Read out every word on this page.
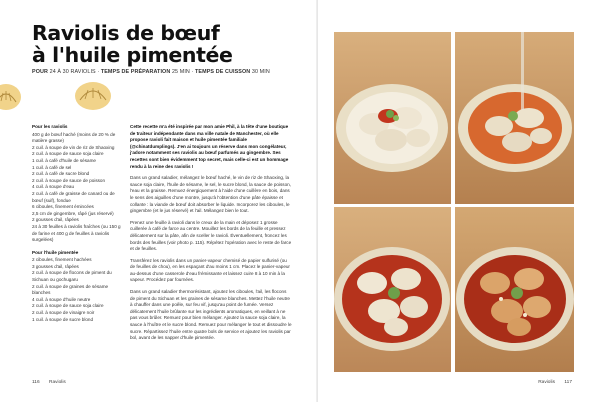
Raviolis de bœuf
à l'huile pimentée
POUR 24 À 30 RAVIOLIS · TEMPS DE PRÉPARATION 25 MIN · TEMPS DE CUISSON 30 MIN
Pour les raviolis
400 g de bœuf haché (moins de 20 % de matière grasse)
2 cuil. à soupe de vin de riz de Shaoxing
2 cuil. à soupe de sauce soja claire
1 cuil. à café d'huile de sésame
1 cuil. à café de sel
2 cuil. à café de sucre blond
2 cuil. à soupe de sauce de poisson
4 cuil. à soupe d'eau
2 cuil. à café de graisse de canard ou de bœuf (suif), fondue
6 ciboules, finement émincées
2,5 cm de gingembre, râpé (jus réservé)
2 gousses d'ail, râpées
24 à 30 feuilles à raviolis fraîches (ou 150 g de farine et 400 g de feuilles à raviolis surgelées)
Pour l'huile pimentée
2 ciboules, finement hachées
3 gousses d'ail, râpées
2 cuil. à soupe de flocons de piment du Sichuan ou gochugaru
2 cuil. à soupe de graines de sésame blanches
4 cuil. à soupe d'huile neutre
2 cuil. à soupe de sauce soja claire
2 cuil. à soupe de vinaigre noir
1 cuil. à soupe de sucre blond

Cette recette m'a été inspirée par mon amie Phil, à la tête d'une boutique de traiteur indépendante dans ma ville natale de Manchester, où elle propose ravioli fait maison et huile pimentée familiale (@chinatdumplings). J'en ai toujours un réserve dans mon congélateur, j'adore notamment ses raviolis au bœuf parfumés au gingembre. Ses recettes sont bien évidemment top secret, mais celle-ci est un hommage rendu à la reine des raviolis !

Dans un grand saladier, mélangez le bœuf haché, le vin de riz de Shaoxing, la sauce soja claire, l'huile de sésame, le sel, le sucre blond, la sauce de poisson, l'eau et la graisse. Remuez énergiquement à l'aide d'une cuillère en bois, dans le sens des aiguilles d'une montre, jusqu'à l'obtention d'une pâte épaisse et collante : la viande de bœuf doit absorber le liquide. Incorporez les ciboules, le gingembre (et le jus réservé) et l'ail. Mélangez bien le tout.

Prenez une feuille à ravioli dans le creux de la main et déposez 1 grosse cuillerée à café de farce au centre. Mouillez les bords de la feuille et pressez délicatement sur la pâte, afin de sceller le ravioli. Éventuellement, froncez les bords des feuilles (voir photo p. 115). Répétez l'opération avec le reste de farce et de feuilles.

Transférez les raviolis dans un panier-vapeur chemisé de papier sulfurisé (ou de feuilles de chou), en les espaçant d'au moins 1 cm. Placez le panier-vapeur au-dessus d'une casserole d'eau frémissante et laissez cuire 8 à 10 min à la vapeur. Procédez par fournées.

Dans un grand saladier thermorésistant, ajoutez les ciboules, l'ail, les flocons de piment du Sichuan et les graines de sésame blanches. Mettez l'huile neutre à chauffer dans une poêle, sur feu vif, jusqu'au point de fumée. Versez délicatement l'huile brûlante sur les ingrédients aromatiques, en veillant à ne pas vous brûler. Remuez pour bien mélanger. Ajoutez la sauce soja claire, la sauce à l'huître et le sucre blond. Remuez pour mélanger le tout et dissoudre le sucre. Répartissez l'huile entre quatre bols de service et ajoutez les raviolis par bol, avant de les napper d'huile pimentée.

116 Raviolis	Raviolis 117
